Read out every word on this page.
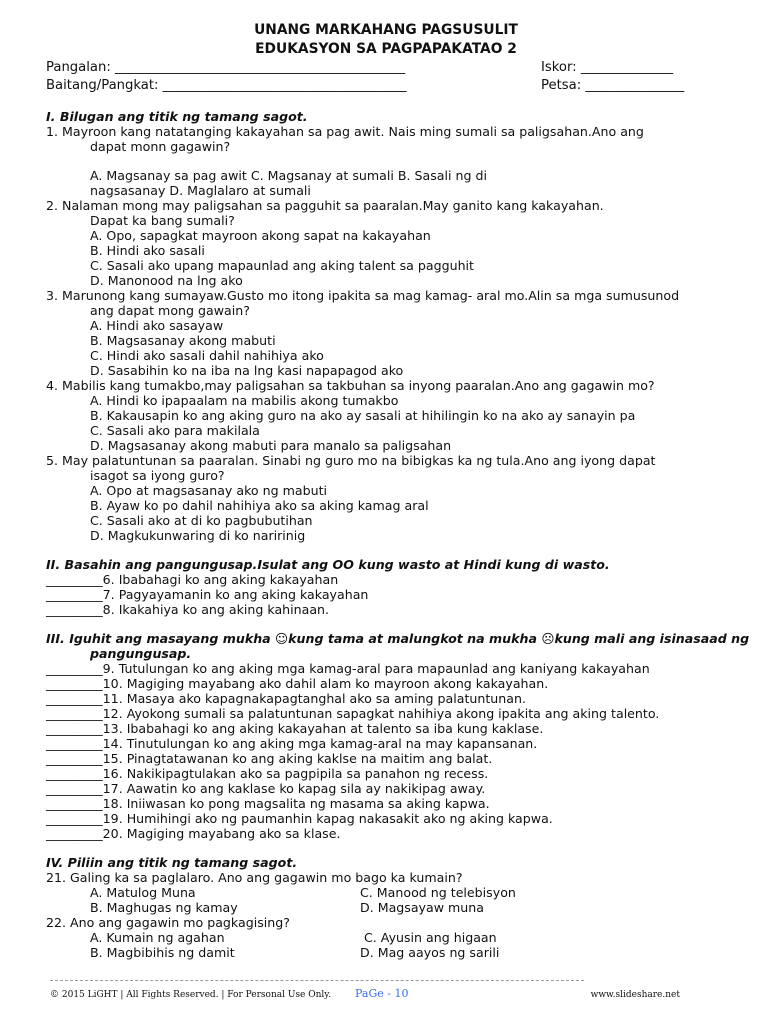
UNANG MARKAHANG PAGSUSULIT
EDUKASYON SA PAGPAPAKATAO 2
Pangalan: ____________________________________________	Iskor: ______________
Baitang/Pangkat: _____________________________________	Petsa: _______________
I. Bilugan ang titik ng tamang sagot.
1. Mayroon kang natatanging kakayahan sa pag awit. Nais ming sumali sa paligsahan.Ano ang
dapat monn gagawin?
A. Magsanay sa pag awit C. Magsanay at sumali B. Sasali ng di
nagsasanay D. Maglalaro at sumali
2. Nalaman mong may paligsahan sa pagguhit sa paaralan.May ganito kang kakayahan.
Dapat ka bang sumali?
A. Opo, sapagkat mayroon akong sapat na kakayahan
B. Hindi ako sasali
C. Sasali ako upang mapaunlad ang aking talent sa pagguhit
D. Manonood na lng ako
3. Marunong kang sumayaw.Gusto mo itong ipakita sa mag kamag- aral mo.Alin sa mga sumusunod
ang dapat mong gawain?
A. Hindi ako sasayaw
B. Magsasanay akong mabuti
C. Hindi ako sasali dahil nahihiya ako
D. Sasabihin ko na iba na lng kasi napapagod ako
4. Mabilis kang tumakbo,may paligsahan sa takbuhan sa inyong paaralan.Ano ang gagawin mo?
A. Hindi ko ipapaalam na mabilis akong tumakbo
B. Kakausapin ko ang aking guro na ako ay sasali at hihilingin ko na ako ay sanayin pa
C. Sasali ako para makilala
D. Magsasanay akong mabuti para manalo sa paligsahan
5. May palatuntunan sa paaralan. Sinabi ng guro mo na bibigkas ka ng tula.Ano ang iyong dapat
isagot sa iyong guro?
A. Opo at magsasanay ako ng mabuti
B. Ayaw ko po dahil nahihiya ako sa aking kamag aral
C. Sasali ako at di ko pagbubutihan
D. Magkukunwaring di ko naririnig
II. Basahin ang pangungusap.Isulat ang OO kung wasto at Hindi kung di wasto.
_________6. Ibabahagi ko ang aking kakayahan
_________7. Pagyayamanin ko ang aking kakayahan
_________8. Ikakahiya ko ang aking kahinaan.
III. Iguhit ang masayang mukha ☺kung tama at malungkot na mukha ☹kung mali ang isinasaad ng
pangungusap.
_________9. Tutulungan ko ang aking mga kamag-aral para mapaunlad ang kaniyang kakayahan
_________10. Magiging mayabang ako dahil alam ko mayroon akong kakayahan.
_________11. Masaya ako kapagnakapagtanghal ako sa aming palatuntunan.
_________12. Ayokong sumali sa palatuntunan sapagkat nahihiya akong ipakita ang aking talento.
_________13. Ibabahagi ko ang aking kakayahan at talento sa iba kung kaklase.
_________14. Tinutulungan ko ang aking mga kamag-aral na may kapansanan.
_________15. Pinagtatawanan ko ang aking kaklse na maitim ang balat.
_________16. Nakikipagtulakan ako sa pagpipila sa panahon ng recess.
_________17. Aawatin ko ang kaklase ko kapag sila ay nakikipag away.
_________18. Iniiwasan ko pong magsalita ng masama sa aking kapwa.
_________19. Humihingi ako ng paumanhin kapag nakasakit ako ng aking kapwa.
_________20. Magiging mayabang ako sa klase.
IV. Piliin ang titik ng tamang sagot.
21. Galing ka sa paglalaro. Ano ang gagawin mo bago ka kumain?
A. Matulog Muna	C. Manood ng telebisyon
B. Maghugas ng kamay	D. Magsayaw muna
22. Ano ang gagawin mo pagkagising?
A. Kumain ng agahan	C. Ayusin ang higaan
B. Magbibihis ng damit	D. Mag aayos ng sarili
© 2015 LiGHT | All Fights Reserved. | For Personal Use Only. PaGe - 10	www.slideshare.net
